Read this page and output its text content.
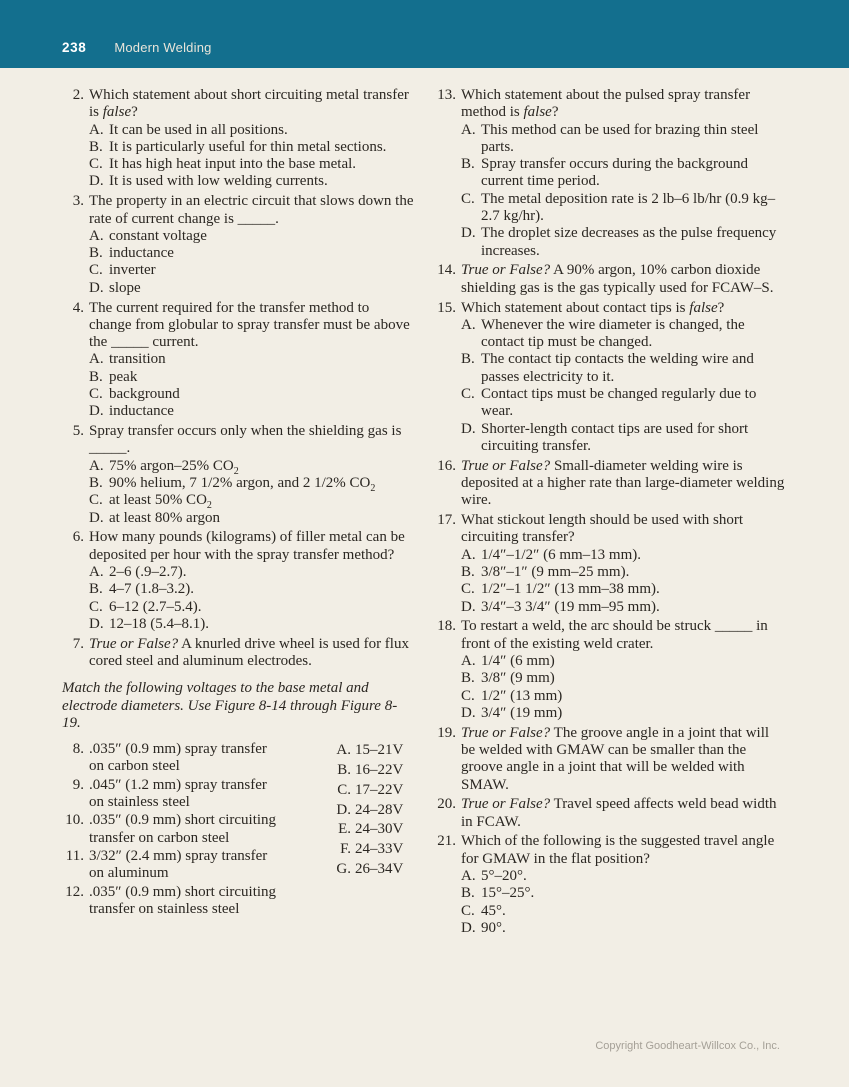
238 Modern Welding
2. Which statement about short circuiting metal transfer is false?
A. It can be used in all positions.
B. It is particularly useful for thin metal sections.
C. It has high heat input into the base metal.
D. It is used with low welding currents.
3. The property in an electric circuit that slows down the rate of current change is _____.
A. constant voltage
B. inductance
C. inverter
D. slope
4. The current required for the transfer method to change from globular to spray transfer must be above the _____ current.
A. transition
B. peak
C. background
D. inductance
5. Spray transfer occurs only when the shielding gas is _____.
A. 75% argon–25% $CO_2$
B. 90% helium, 7 1/2% argon, and 2 1/2% $CO_2$
C. at least 50% $CO_2$
D. at least 80% argon
6. How many pounds (kilograms) of filler metal can be deposited per hour with the spray transfer method?
A. 2–6 (.9–2.7).
B. 4–7 (1.8–3.2).
C. 6–12 (2.7–5.4).
D. 12–18 (5.4–8.1).
7. True or False? A knurled drive wheel is used for flux cored steel and aluminum electrodes.

Match the following voltages to the base metal and electrode diameters. Use Figure 8-14 through Figure 8-19.

8. .035″ (0.9 mm) spray transfer
on carbon steel
9. .045″ (1.2 mm) spray transfer
on stainless steel
10. .035″ (0.9 mm) short circuiting
transfer on carbon steel
11. 3/32″ (2.4 mm) spray transfer
on aluminum
12. .035″ (0.9 mm) short circuiting
transfer on stainless steel
A. 15–21V
B. 16–22V
C. 17–22V
D. 24–28V
E. 24–30V
F. 24–33V
G. 26–34V
13. Which statement about the pulsed spray transfer method is false?
A. This method can be used for brazing thin steel parts.
B. Spray transfer occurs during the background current time period.
C. The metal deposition rate is 2 lb–6 lb/hr (0.9 kg–2.7 kg/hr).
D. The droplet size decreases as the pulse frequency increases.
14. True or False? A 90% argon, 10% carbon dioxide shielding gas is the gas typically used for FCAW–S.
15. Which statement about contact tips is false?
A. Whenever the wire diameter is changed, the contact tip must be changed.
B. The contact tip contacts the welding wire and passes electricity to it.
C. Contact tips must be changed regularly due to wear.
D. Shorter-length contact tips are used for short circuiting transfer.
16. True or False? Small-diameter welding wire is deposited at a higher rate than large-diameter welding wire.
17. What stickout length should be used with short circuiting transfer?
A. 1/4″–1/2″ (6 mm–13 mm).
B. 3/8″–1″ (9 mm–25 mm).
C. 1/2″–1 1/2″ (13 mm–38 mm).
D. 3/4″–3 3/4″ (19 mm–95 mm).
18. To restart a weld, the arc should be struck _____ in front of the existing weld crater.
A. 1/4″ (6 mm)
B. 3/8″ (9 mm)
C. 1/2″ (13 mm)
D. 3/4″ (19 mm)
19. True or False? The groove angle in a joint that will be welded with GMAW can be smaller than the groove angle in a joint that will be welded with SMAW.
20. True or False? Travel speed affects weld bead width in FCAW.
21. Which of the following is the suggested travel angle for GMAW in the flat position?
A. 5°–20°.
B. 15°–25°.
C. 45°.
D. 90°.
Copyright Goodheart-Willcox Co., Inc.
